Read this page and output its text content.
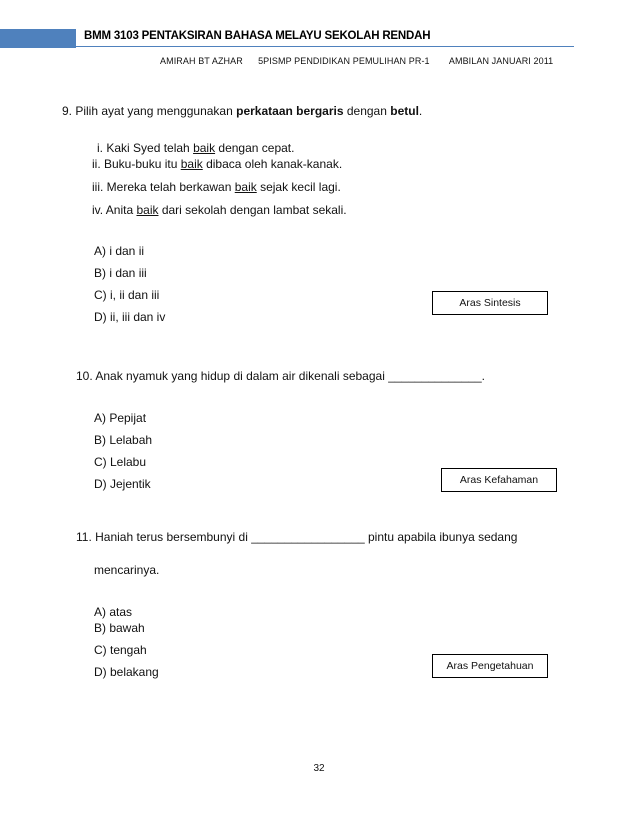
BMM 3103 PENTAKSIRAN BAHASA MELAYU SEKOLAH RENDAH
AMIRAH BT AZHAR 5PISMP PENDIDIKAN PEMULIHAN PR-1 AMBILAN JANUARI 2011
9. Pilih ayat yang menggunakan perkataan bergaris dengan betul.
i. Kaki Syed telah baik dengan cepat.
ii. Buku-buku itu baik dibaca oleh kanak-kanak.
iii. Mereka telah berkawan baik sejak kecil lagi.
iv. Anita baik dari sekolah dengan lambat sekali.
A) i dan ii
B) i dan iii
C) i, ii dan iii
D) ii, iii dan iv
Aras Sintesis
10. Anak nyamuk yang hidup di dalam air dikenali sebagai ______________.
A) Pepijat
B) Lelabah
C) Lelabu
D) Jejentik	Aras Kefahaman
11. Haniah terus bersembunyi di _________________ pintu apabila ibunya sedang
mencarinya.
A) atas
B) bawah
C) tengah
D) belakang	Aras Pengetahuan
32
